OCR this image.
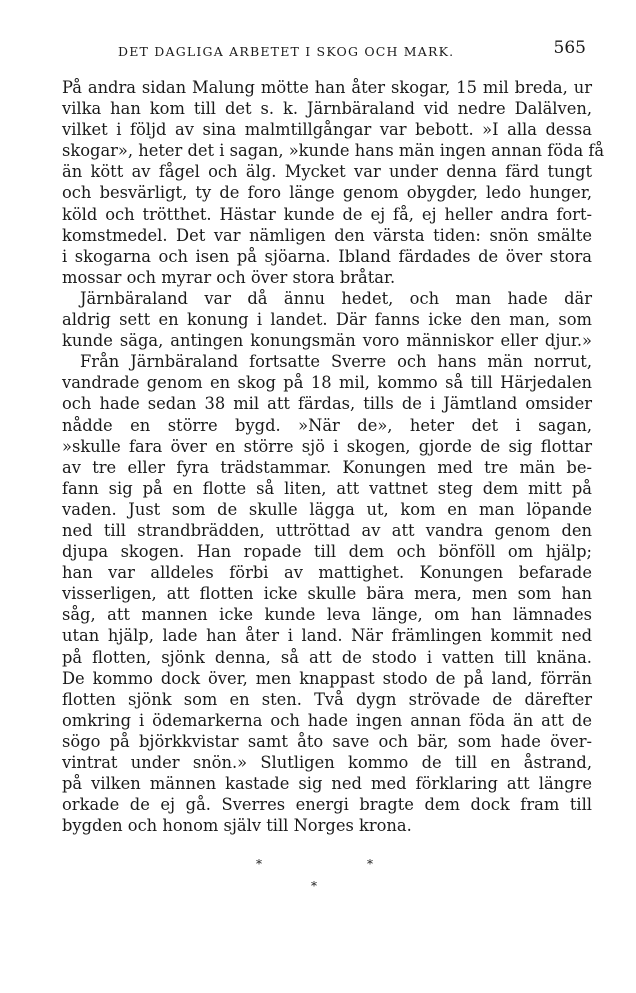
DET DAGLIGA ARBETET I SKOG OCH MARK.	565
På andra sidan Malung mötte han åter skogar, 15 mil breda, ur
vilka han kom till det s. k. Järnbäraland vid nedre Dalälven,
vilket i följd av sina malmtillgångar var bebott. »I alla dessa
skogar», heter det i sagan, »kunde hans män ingen annan föda få
än kött av fågel och älg. Mycket var under denna färd tungt
och besvärligt, ty de foro länge genom obygder, ledo hunger,
köld och trötthet. Hästar kunde de ej få, ej heller andra fort-
komstmedel. Det var nämligen den värsta tiden: snön smälte
i skogarna och isen på sjöarna. Ibland färdades de över stora
mossar och myrar och över stora bråtar.
Järnbäraland var då ännu hedet, och man hade där
aldrig sett en konung i landet. Där fanns icke den man, som
kunde säga, antingen konungsmän voro människor eller djur.»
Från Järnbäraland fortsatte Sverre och hans män norrut,
vandrade genom en skog på 18 mil, kommo så till Härjedalen
och hade sedan 38 mil att färdas, tills de i Jämtland omsider
nådde en större bygd. »När de», heter det i sagan,
»skulle fara över en större sjö i skogen, gjorde de sig flottar
av tre eller fyra trädstammar. Konungen med tre män be-
fann sig på en flotte så liten, att vattnet steg dem mitt på
vaden. Just som de skulle lägga ut, kom en man löpande
ned till strandbrädden, uttröttad av att vandra genom den
djupa skogen. Han ropade till dem och bönföll om hjälp;
han var alldeles förbi av mattighet. Konungen befarade
visserligen, att flotten icke skulle bära mera, men som han
såg, att mannen icke kunde leva länge, om han lämnades
utan hjälp, lade han åter i land. När främlingen kommit ned
på flotten, sjönk denna, så att de stodo i vatten till knäna.
De kommo dock över, men knappast stodo de på land, förrän
flotten sjönk som en sten. Två dygn strövade de därefter
omkring i ödemarkerna och hade ingen annan föda än att de
sögo på björkkvistar samt åto save och bär, som hade över-
vintrat under snön.» Slutligen kommo de till en åstrand,
på vilken männen kastade sig ned med förklaring att längre
orkade de ej gå. Sverres energi bragte dem dock fram till
bygden och honom själv till Norges krona.
*	*
*
